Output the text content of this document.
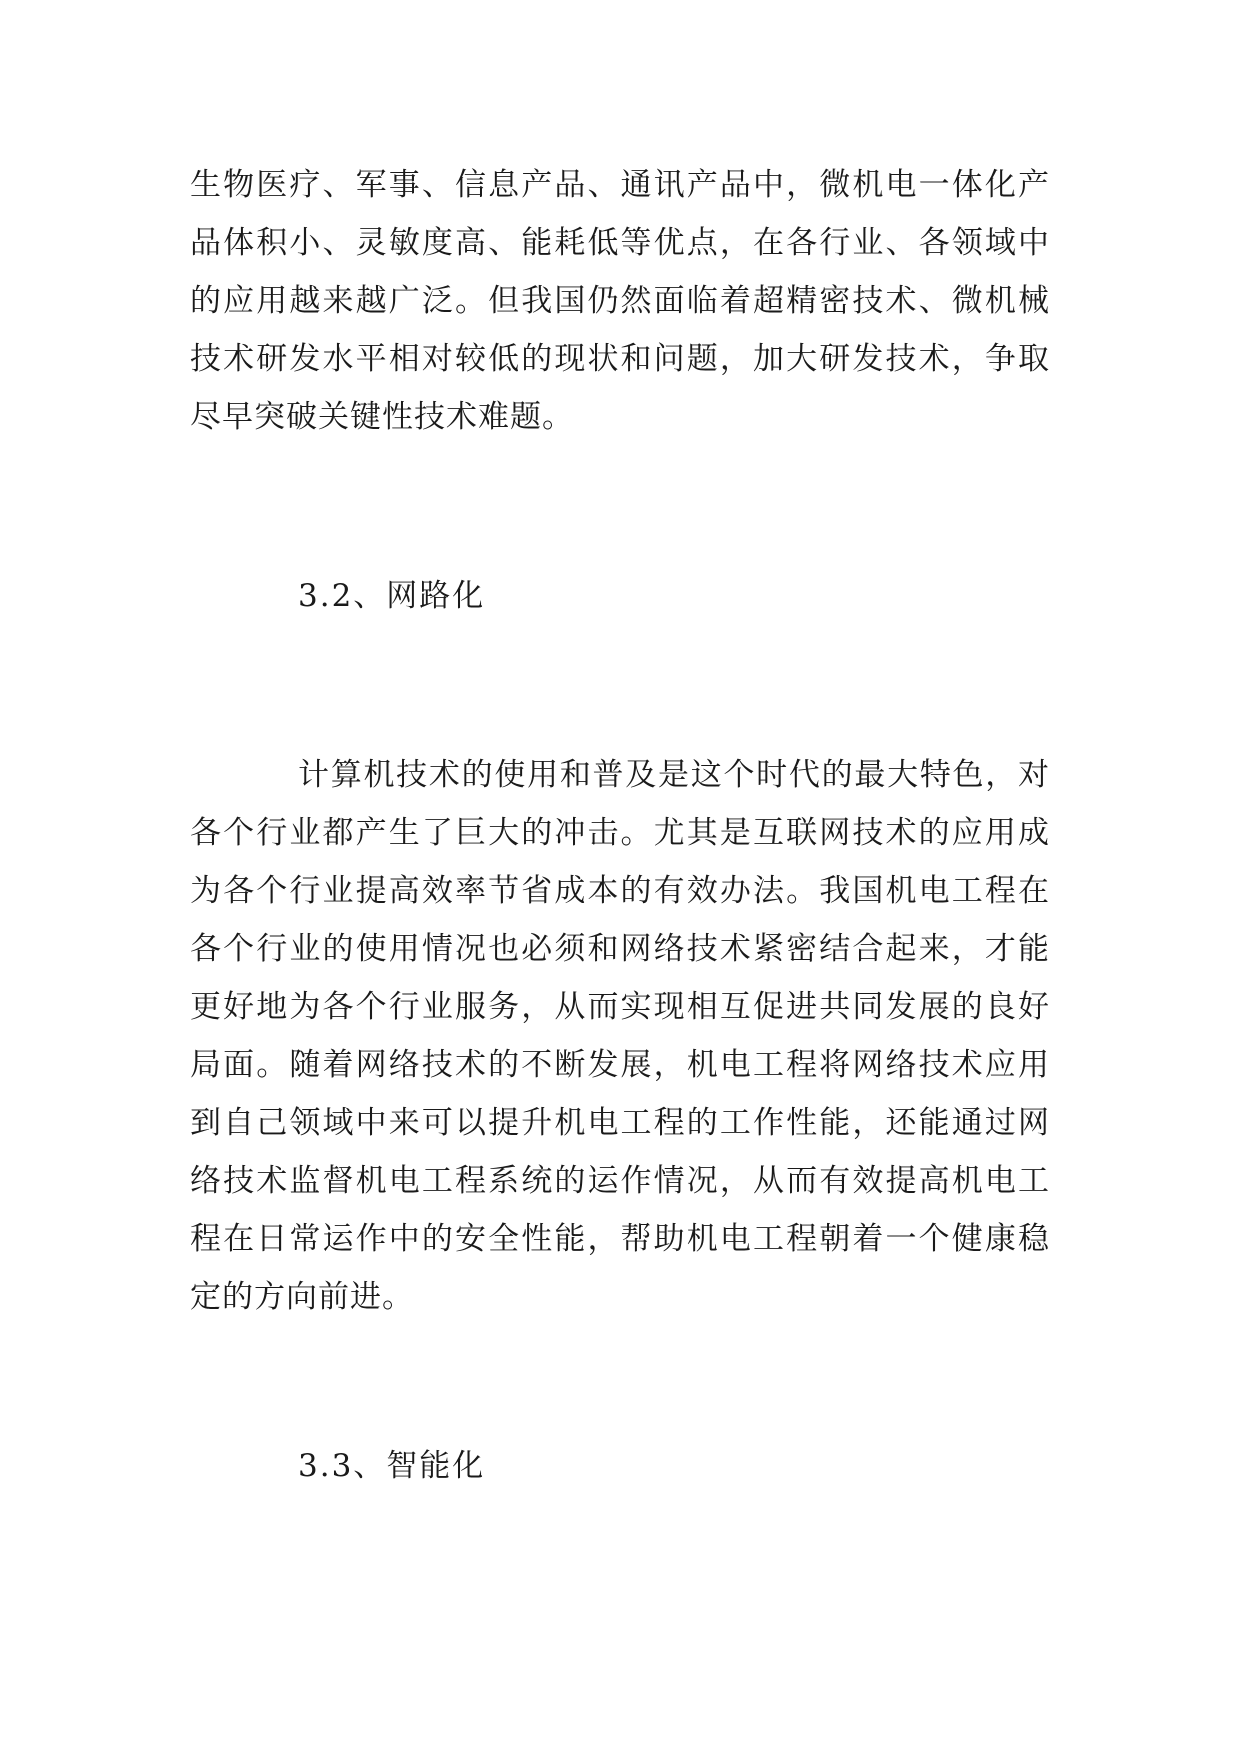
生物医疗、军事、信息产品、通讯产品中，微机电一体化产
品体积小、灵敏度高、能耗低等优点，在各行业、各领域中
的应用越来越广泛。但我国仍然面临着超精密技术、微机械
技术研发水平相对较低的现状和问题，加大研发技术，争取
尽早突破关键性技术难题。
3.2、网路化
计算机技术的使用和普及是这个时代的最大特色，对
各个行业都产生了巨大的冲击。尤其是互联网技术的应用成
为各个行业提高效率节省成本的有效办法。我国机电工程在
各个行业的使用情况也必须和网络技术紧密结合起来，才能
更好地为各个行业服务，从而实现相互促进共同发展的良好
局面。随着网络技术的不断发展，机电工程将网络技术应用
到自己领域中来可以提升机电工程的工作性能，还能通过网
络技术监督机电工程系统的运作情况，从而有效提高机电工
程在日常运作中的安全性能，帮助机电工程朝着一个健康稳
定的方向前进。
3.3、智能化
